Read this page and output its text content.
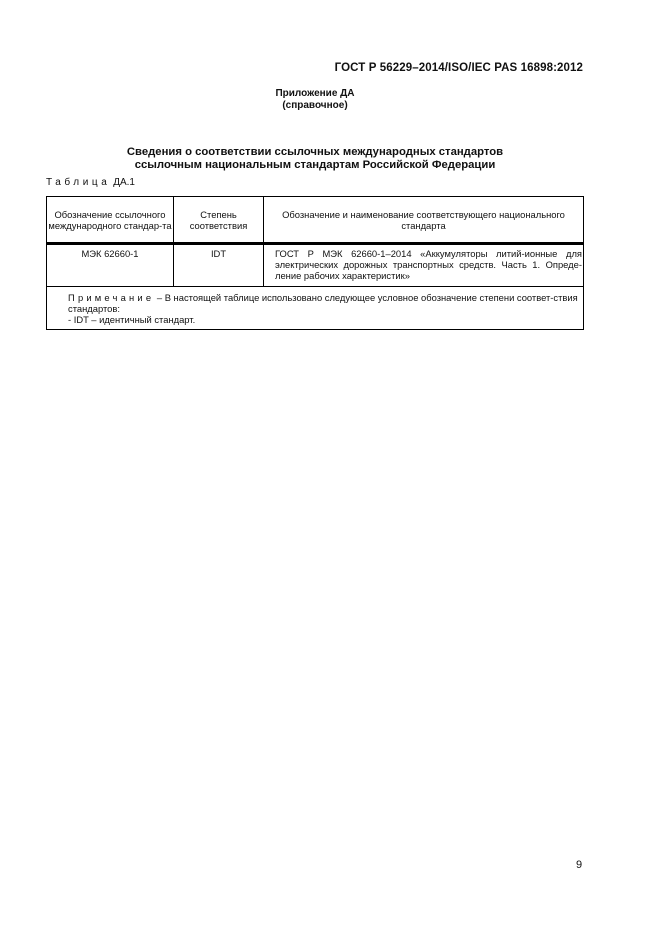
ГОСТ Р 56229–2014/ISO/IEC PAS 16898:2012
Приложение ДА
(справочное)
Сведения о соответствии ссылочных международных стандартов
ссылочным национальным стандартам Российской Федерации
Таблица ДА.1
Обозначение ссылочного международного стандар-та	Степень соответствия	Обозначение и наименование соответствующего национального стандарта
МЭК 62660-1	IDT	ГОСТ Р МЭК 62660-1–2014 «Аккумуляторы литий-ионные для электрических дорожных транспортных средств. Часть 1. Опреде-ление рабочих характеристик»

Примечание – В настоящей таблице использовано следующее условное обозначение степени соответ-ствия стандартов:
- IDT – идентичный стандарт.		
9
